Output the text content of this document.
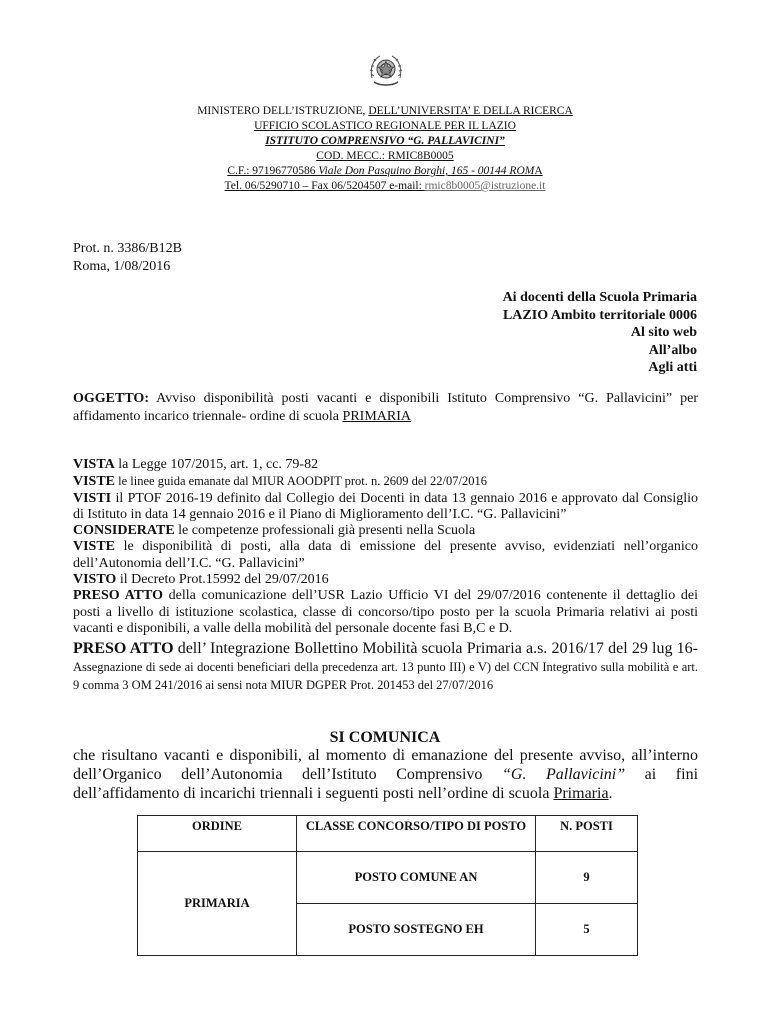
MINISTERO DELL’ISTRUZIONE, DELL’UNIVERSITA’ E DELLA RICERCA
UFFICIO SCOLASTICO REGIONALE PER IL LAZIO
ISTITUTO COMPRENSIVO “G. PALLAVICINI”
COD. MECC.: RMIC8B0005
C.F.: 97196770586 Viale Don Pasquino Borghi, 165 - 00144 ROMA
Tel. 06/5290710 – Fax 06/5204507 e-mail: rmic8b0005@istruzione.it
Prot. n. 3386/B12B
Roma, 1/08/2016
Ai docenti della Scuola Primaria
LAZIO Ambito territoriale 0006
Al sito web
All’albo
Agli atti
OGGETTO: Avviso disponibilità posti vacanti e disponibili Istituto Comprensivo “G. Pallavicini” per affidamento incarico triennale- ordine di scuola PRIMARIA

VISTA la Legge 107/2015, art. 1, cc. 79-82

VISTE le linee guida emanate dal MIUR AOODPIT prot. n. 2609 del 22/07/2016

VISTI il PTOF 2016-19 definito dal Collegio dei Docenti in data 13 gennaio 2016 e approvato dal Consiglio di Istituto in data 14 gennaio 2016 e il Piano di Miglioramento dell’I.C. “G. Pallavicini”

CONSIDERATE le competenze professionali già presenti nella Scuola

VISTE le disponibilità di posti, alla data di emissione del presente avviso, evidenziati nell’organico dell’Autonomia dell’I.C. “G. Pallavicini”

VISTO il Decreto Prot.15992 del 29/07/2016

PRESO ATTO della comunicazione dell’USR Lazio Ufficio VI del 29/07/2016 contenente il dettaglio dei posti a livello di istituzione scolastica, classe di concorso/tipo posto per la scuola Primaria relativi ai posti vacanti e disponibili, a valle della mobilità del personale docente fasi B,C e D.

PRESO ATTO dell’ Integrazione Bollettino Mobilità scuola Primaria a.s. 2016/17 del 29 lug 16-Assegnazione di sede ai docenti beneficiari della precedenza art. 13 punto III) e V) del CCN Integrativo sulla mobilità e art. 9 comma 3 OM 241/2016 ai sensi nota MIUR DGPER Prot. 201453 del 27/07/2016

SI COMUNICA
che risultano vacanti e disponibili, al momento di emanazione del presente avviso, all’interno dell’Organico dell’Autonomia dell’Istituto Comprensivo “G. Pallavicini” ai fini dell’affidamento di incarichi triennali i seguenti posti nell’ordine di scuola Primaria.
ORDINE	CLASSE CONCORSO/TIPO DI POSTO	N. POSTI
PRIMARIA	POSTO COMUNE AN	9
	POSTO SOSTEGNO EH	5
